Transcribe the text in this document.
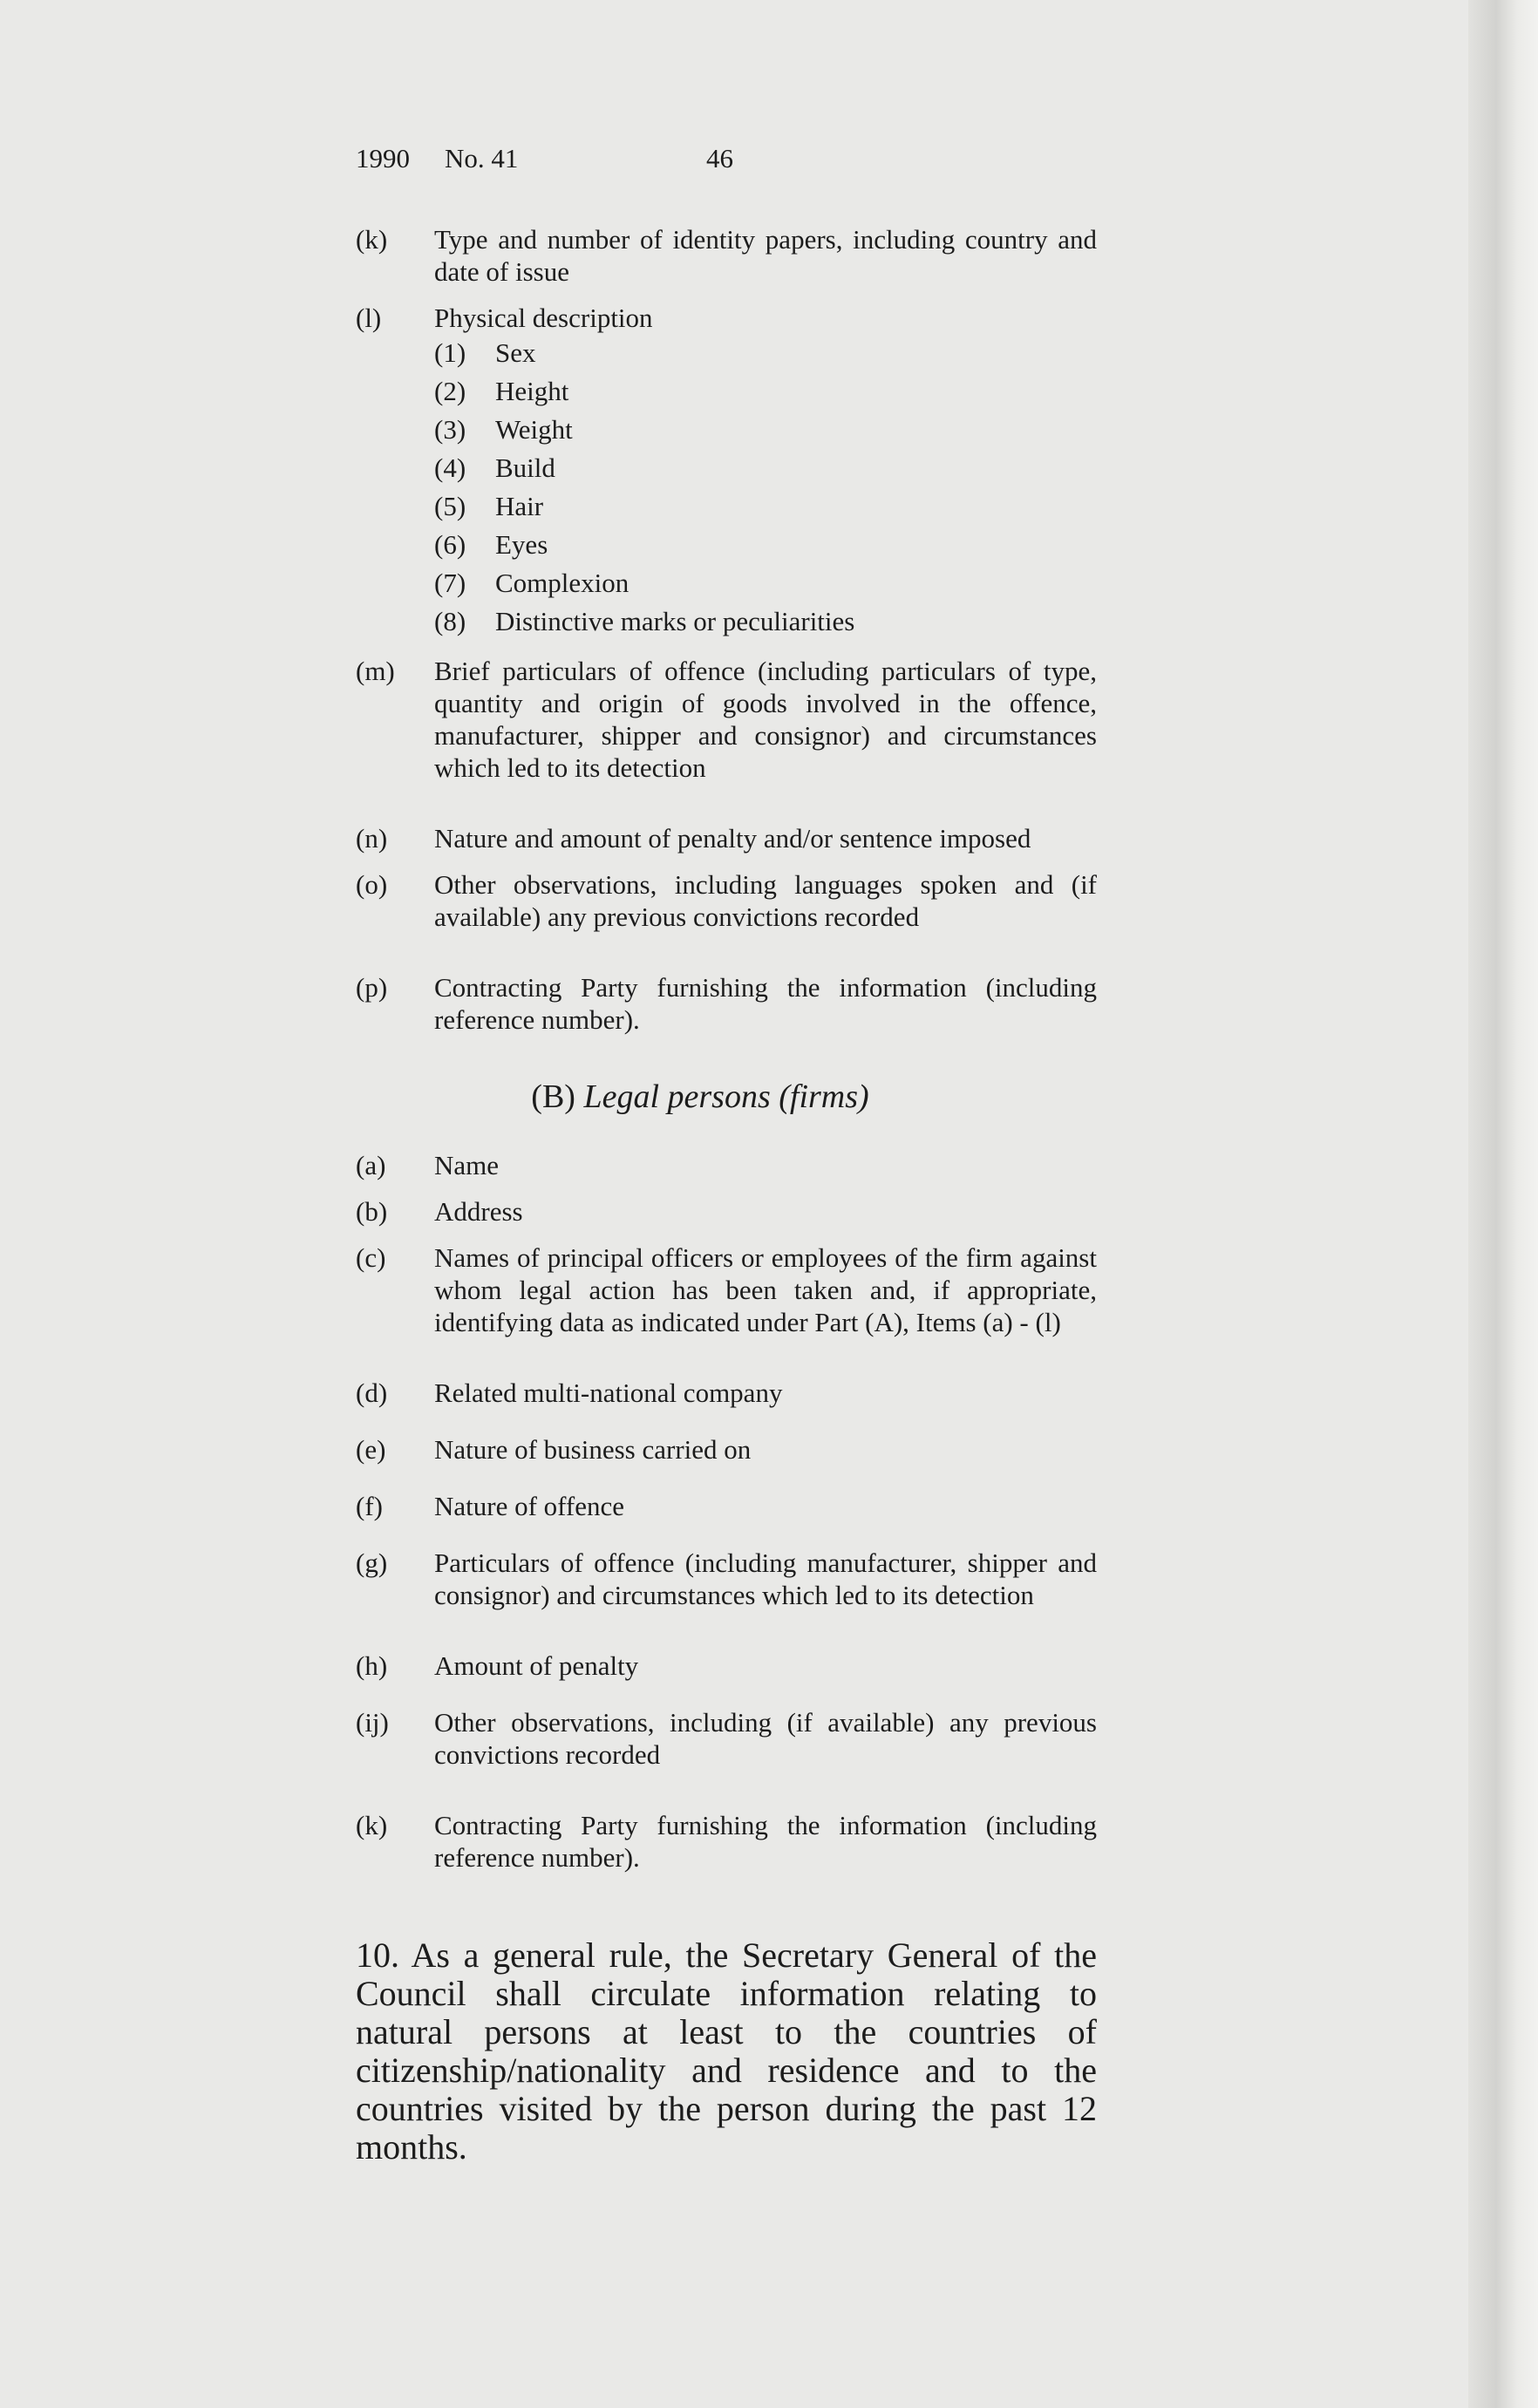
1990	No. 41	46
(k)	Type and number of identity papers, including country and date of issue
(l)	Physical description
(1)	Sex
(2)	Height
(3)	Weight
(4)	Build
(5)	Hair
(6)	Eyes
(7)	Complexion
(8)	Distinctive marks or peculiarities
(m)	Brief particulars of offence (including particulars of type, quantity and origin of goods involved in the offence, manufacturer, shipper and consignor) and circumstances which led to its detection
(n)	Nature and amount of penalty and/or sentence imposed
(o)	Other observations, including languages spoken and (if available) any previous convictions recorded
(p)	Contracting Party furnishing the information (including reference number).
(B) Legal persons (firms)
(a)	Name
(b)	Address
(c)	Names of principal officers or employees of the firm against whom legal action has been taken and, if appropriate, identifying data as indicated under Part (A), Items (a) - (l)
(d)	Related multi-national company
(e)	Nature of business carried on
(f)	Nature of offence
(g)	Particulars of offence (including manufacturer, shipper and consignor) and circumstances which led to its detection
(h)	Amount of penalty
(ij)	Other observations, including (if available) any previous convictions recorded
(k)	Contracting Party furnishing the information (including reference number).
10. As a general rule, the Secretary General of the Council shall circulate information relating to natural persons at least to the countries of citizenship/nationality and residence and to the countries visited by the person during the past 12 months.
